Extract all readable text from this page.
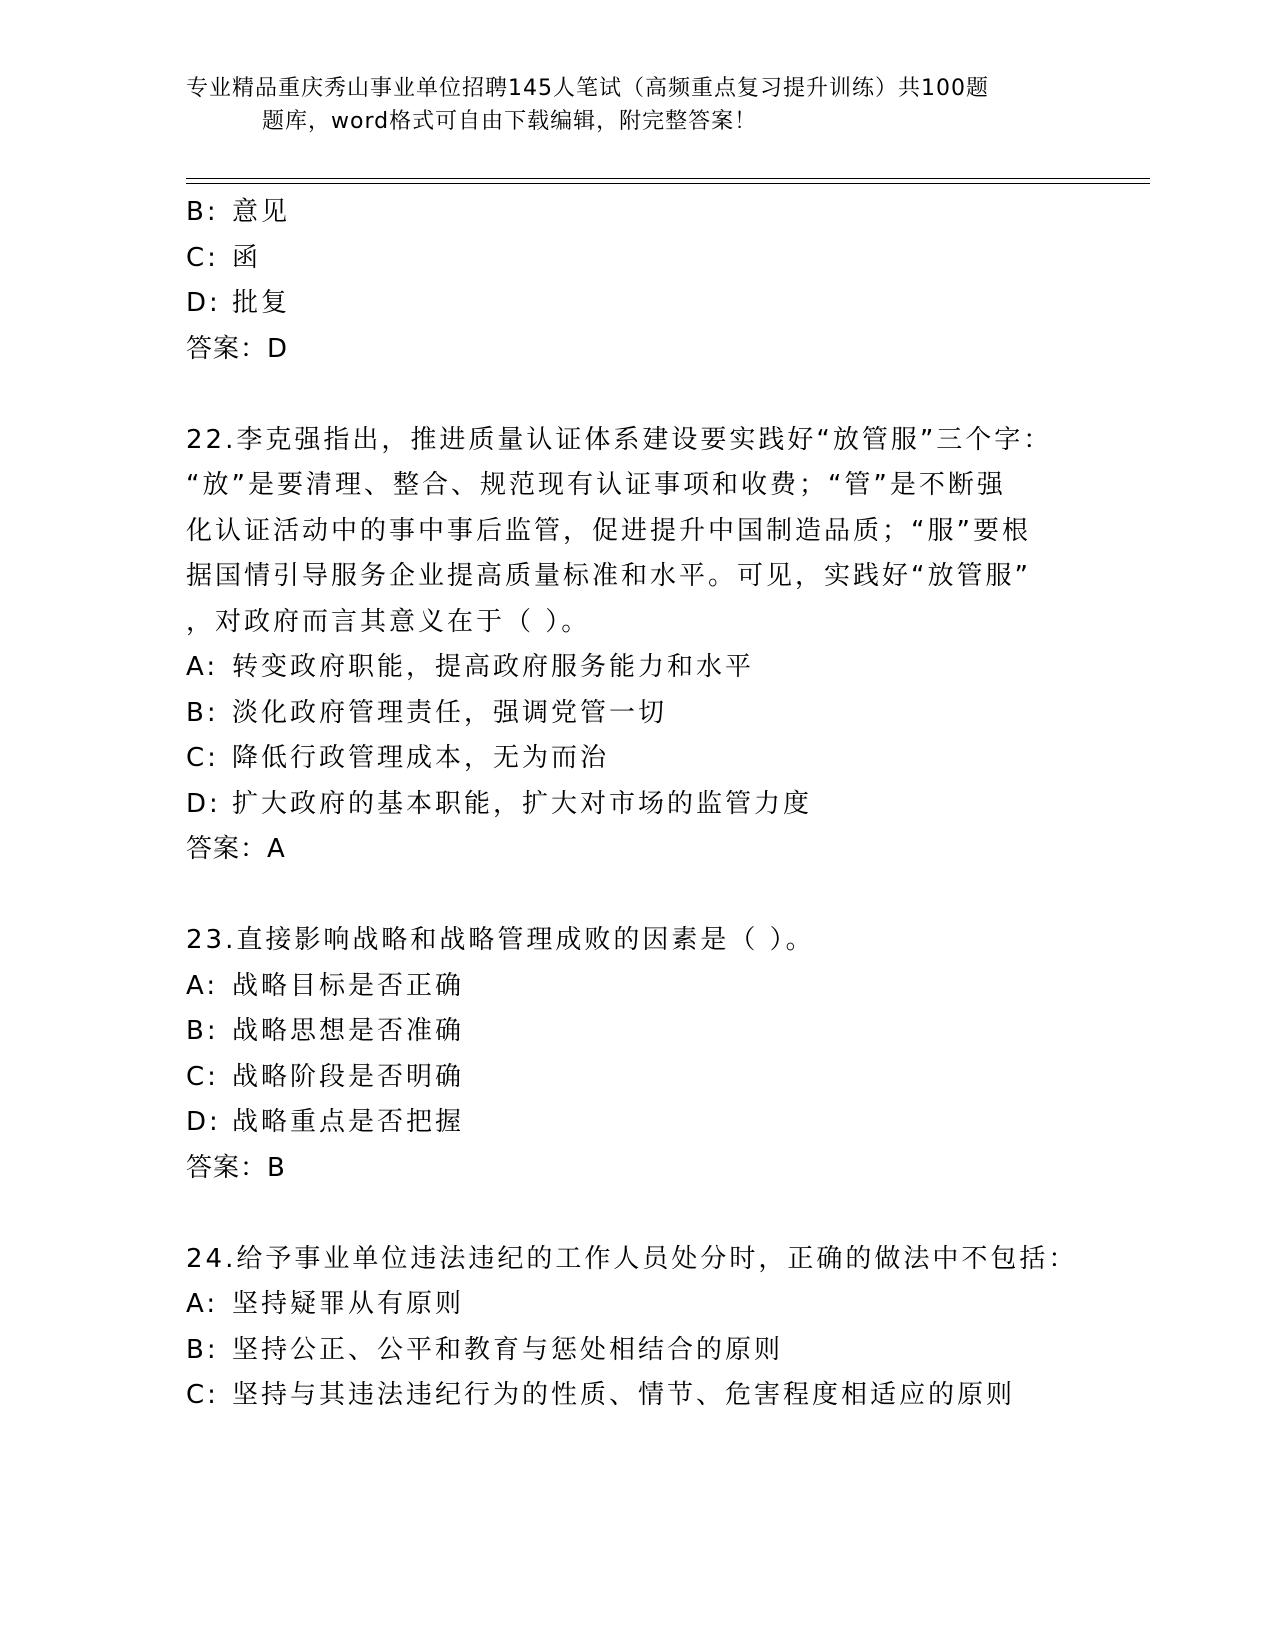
专业精品重庆秀山事业单位招聘145人笔试（高频重点复习提升训练）共100题
题库，word格式可自由下载编辑，附完整答案！
B: 意见
C: 函
D: 批复
答案：D
22.李克强指出，推进质量认证体系建设要实践好“放管服”三个字：
“放”是要清理、整合、规范现有认证事项和收费；“管”是不断强
化认证活动中的事中事后监管，促进提升中国制造品质；“服”要根
据国情引导服务企业提高质量标准和水平。可见，实践好“放管服”
，对政府而言其意义在于（ ）。
A: 转变政府职能，提高政府服务能力和水平
B: 淡化政府管理责任，强调党管一切
C: 降低行政管理成本，无为而治
D: 扩大政府的基本职能，扩大对市场的监管力度
答案：A
23.直接影响战略和战略管理成败的因素是（ ）。
A: 战略目标是否正确
B: 战略思想是否准确
C: 战略阶段是否明确
D: 战略重点是否把握
答案：B
24.给予事业单位违法违纪的工作人员处分时，正确的做法中不包括：
A: 坚持疑罪从有原则
B: 坚持公正、公平和教育与惩处相结合的原则
C: 坚持与其违法违纪行为的性质、情节、危害程度相适应的原则
